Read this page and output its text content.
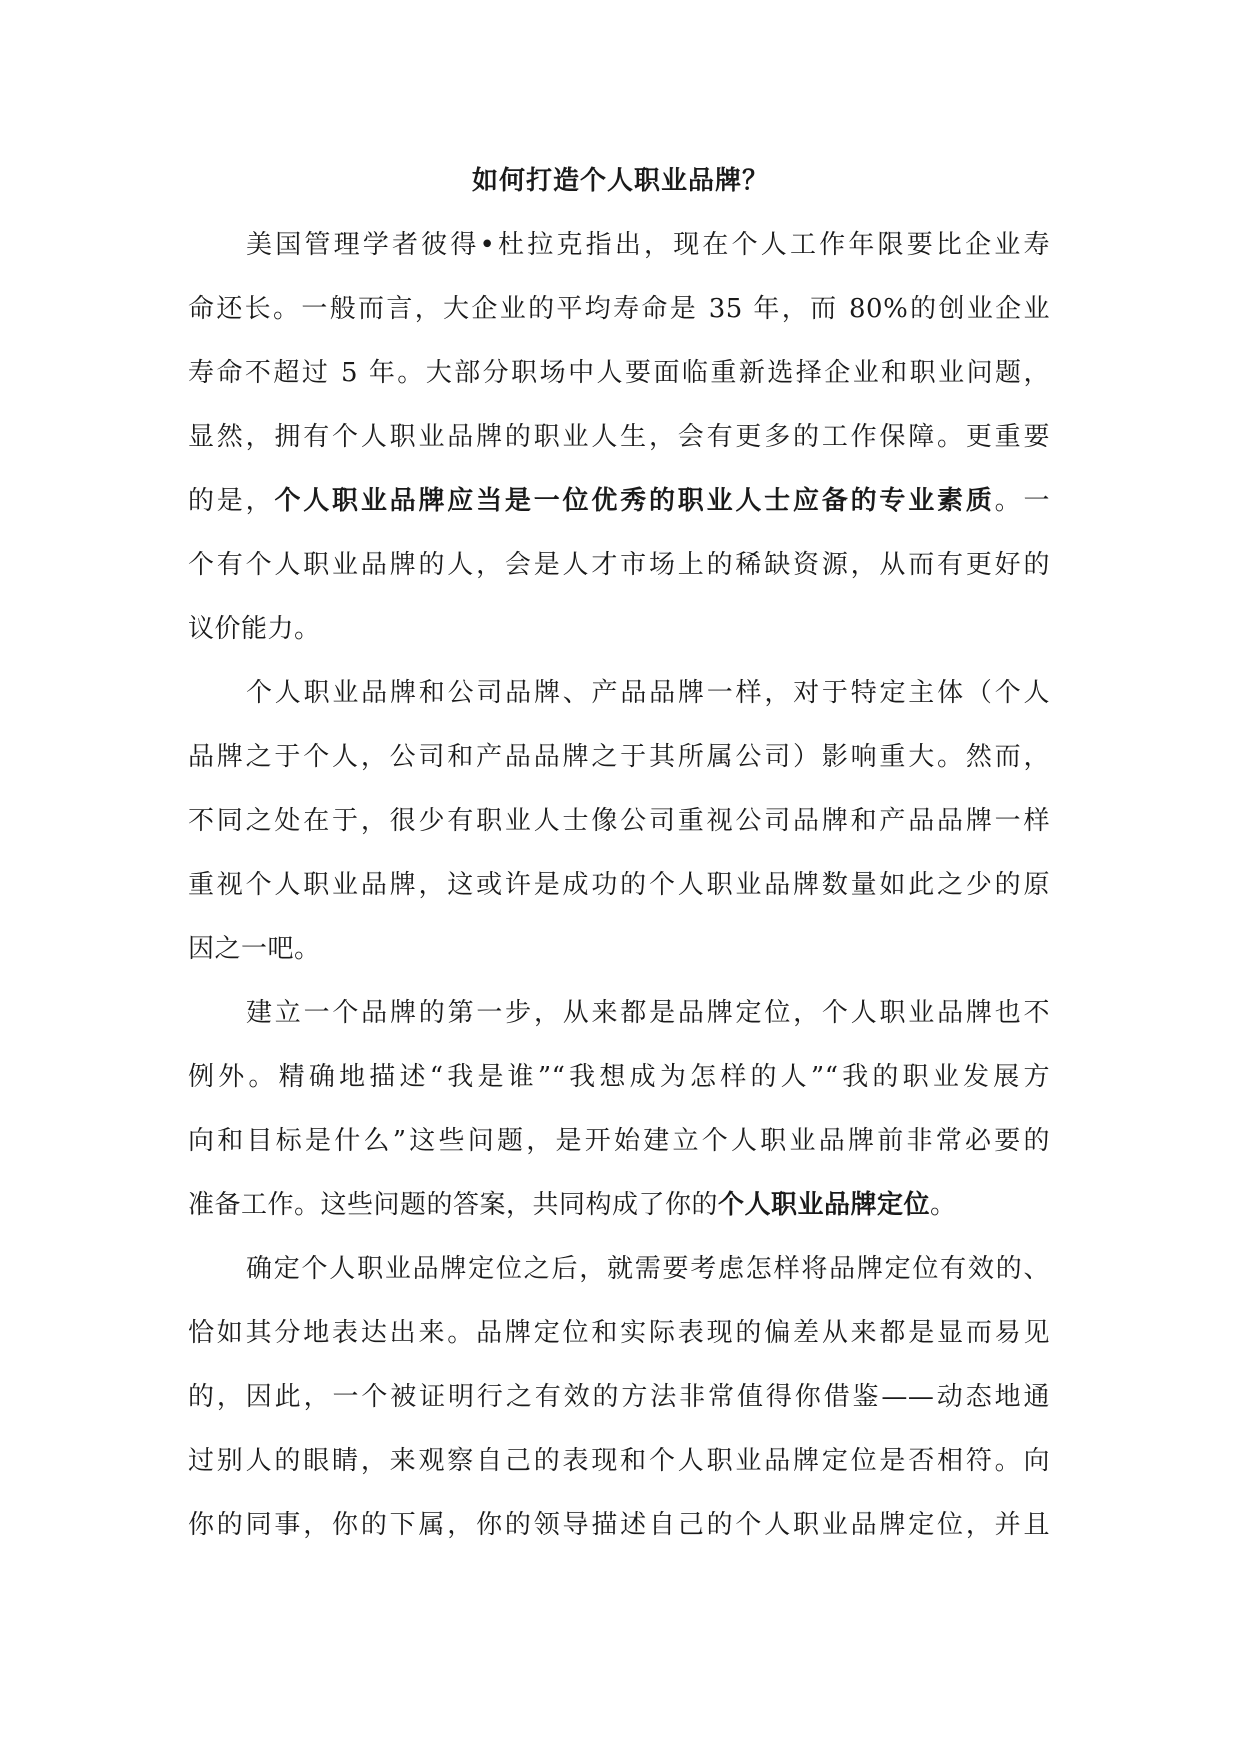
如何打造个人职业品牌？
美国管理学者彼得•杜拉克指出，现在个人工作年限要比企业寿
命还长。一般而言，大企业的平均寿命是 35 年，而 80%的创业企业
寿命不超过 5 年。大部分职场中人要面临重新选择企业和职业问题，
显然，拥有个人职业品牌的职业人生，会有更多的工作保障。更重要
的是，个人职业品牌应当是一位优秀的职业人士应备的专业素质。一
个有个人职业品牌的人，会是人才市场上的稀缺资源，从而有更好的
议价能力。
个人职业品牌和公司品牌、产品品牌一样，对于特定主体（个人
品牌之于个人，公司和产品品牌之于其所属公司）影响重大。然而，
不同之处在于，很少有职业人士像公司重视公司品牌和产品品牌一样
重视个人职业品牌，这或许是成功的个人职业品牌数量如此之少的原
因之一吧。
建立一个品牌的第一步，从来都是品牌定位，个人职业品牌也不
例外。精确地描述“我是谁”“我想成为怎样的人”“我的职业发展方
向和目标是什么”这些问题，是开始建立个人职业品牌前非常必要的
准备工作。这些问题的答案，共同构成了你的个人职业品牌定位。
确定个人职业品牌定位之后，就需要考虑怎样将品牌定位有效的、
恰如其分地表达出来。品牌定位和实际表现的偏差从来都是显而易见
的，因此，一个被证明行之有效的方法非常值得你借鉴——动态地通
过别人的眼睛，来观察自己的表现和个人职业品牌定位是否相符。向
你的同事，你的下属，你的领导描述自己的个人职业品牌定位，并且
